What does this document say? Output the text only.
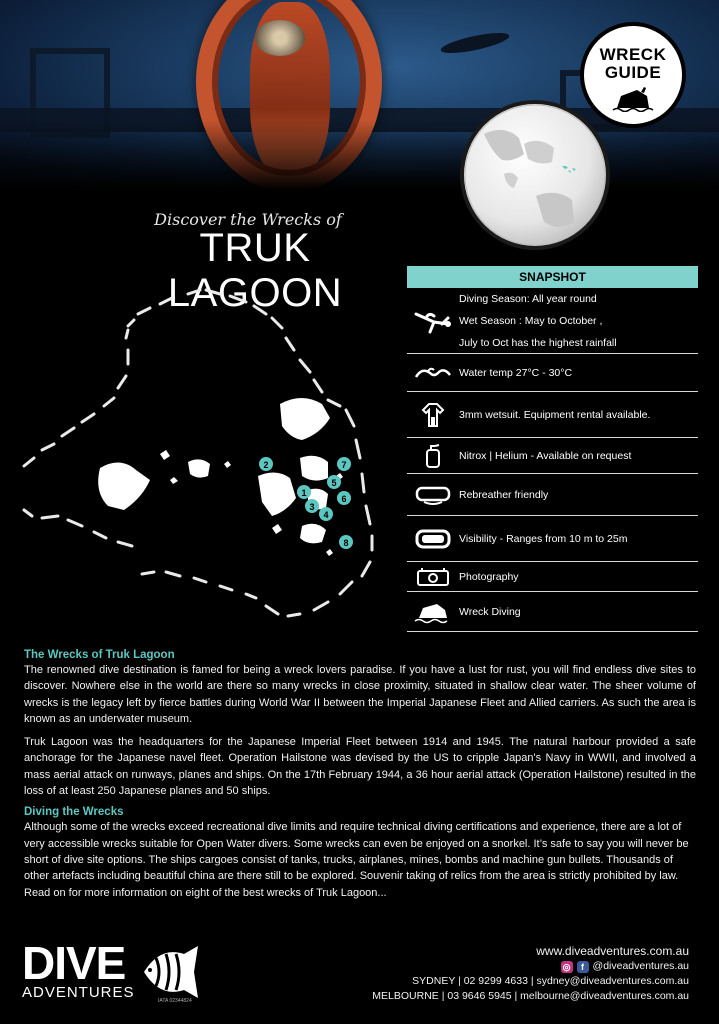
WRECK
GUIDE
Discover the Wrecks of
TRUK LAGOON
2	7
5
1
6
3
4
8
SNAPSHOT
Diving Season: All year round
Wet Season : May to October ,
July to Oct has the highest rainfall
Water temp 27°C - 30°C
3mm wetsuit. Equipment rental available.
Nitrox | Helium - Available on request
Rebreather friendly
Visibility - Ranges from 10 m to 25m
Photography
Wreck Diving
The Wrecks of Truk Lagoon

The renowned dive destination is famed for being a wreck lovers paradise. If you have a lust for rust, you will find endless dive sites to discover. Nowhere else in the world are there so many wrecks in close proximity, situated in shallow clear water. The sheer volume of wrecks is the legacy left by fierce battles during World War II between the Imperial Japanese Fleet and Allied carriers. As such the area is known as an underwater museum.

Truk Lagoon was the headquarters for the Japanese Imperial Fleet between 1914 and 1945. The natural harbour provided a safe anchorage for the Japanese navel fleet. Operation Hailstone was devised by the US to cripple Japan's Navy in WWII, and involved a mass aerial attack on runways, planes and ships. On the 17th February 1944, a 36 hour aerial attack (Operation Hailstone) resulted in the loss of at least 250 Japanese planes and 50 ships.

Diving the Wrecks

Although some of the wrecks exceed recreational dive limits and require technical diving certifications and experience, there are a lot of very accessible wrecks suitable for Open Water divers. Some wrecks can even be enjoyed on a snorkel. It’s safe to say you will never be short of dive site options. The ships cargoes consist of tanks, trucks, airplanes, mines, bombs and machine gun bullets. Thousands of other artefacts including beautiful china are there still to be explored. Souvenir taking of relics from the area is strictly prohibited by law. Read on for more information on eight of the best wrecks of Truk Lagoon...

DIVE
ADVENTURES	IATA 02344824
www.diveadventures.com.au
◎	f @diveadventures.au
SYDNEY | 02 9299 4633 | sydney@diveadventures.com.au
MELBOURNE | 03 9646 5945 | melbourne@diveadventures.com.au
